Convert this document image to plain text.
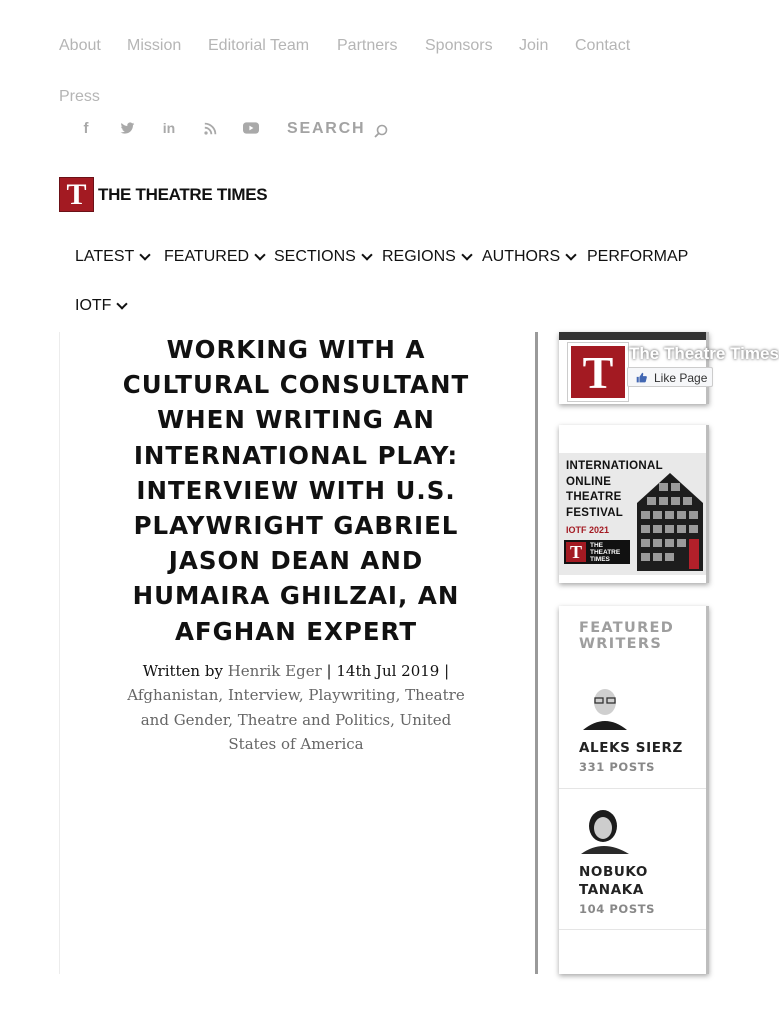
About Mission Editorial Team Partners Sponsors Join Contact
Press
f	in	SEARCH
T THE THEATRE TIMES
LATEST FEATURED SECTIONS REGIONS AUTHORS PERFORMAP
IOTF
WORKING WITH A CULTURAL CONSULTANT WHEN WRITING AN INTERNATIONAL PLAY: INTERVIEW WITH U.S. PLAYWRIGHT GABRIEL JASON DEAN AND HUMAIRA GHILZAI, AN AFGHAN EXPERT
Written by Henrik Eger | 14th Jul 2019 |
Afghanistan, Interview, Playwriting, Theatre and Gender, Theatre and Politics, United States of America
T The Theatre Times
Like Page
INTERNATIONAL
ONLINE
THEATRE
FESTIVAL
IOTF 2021
T	THE
THEATRE
TIMES
FEATURED WRITERS
ALEKS SIERZ
331 POSTS
NOBUKO TANAKA
104 POSTS
